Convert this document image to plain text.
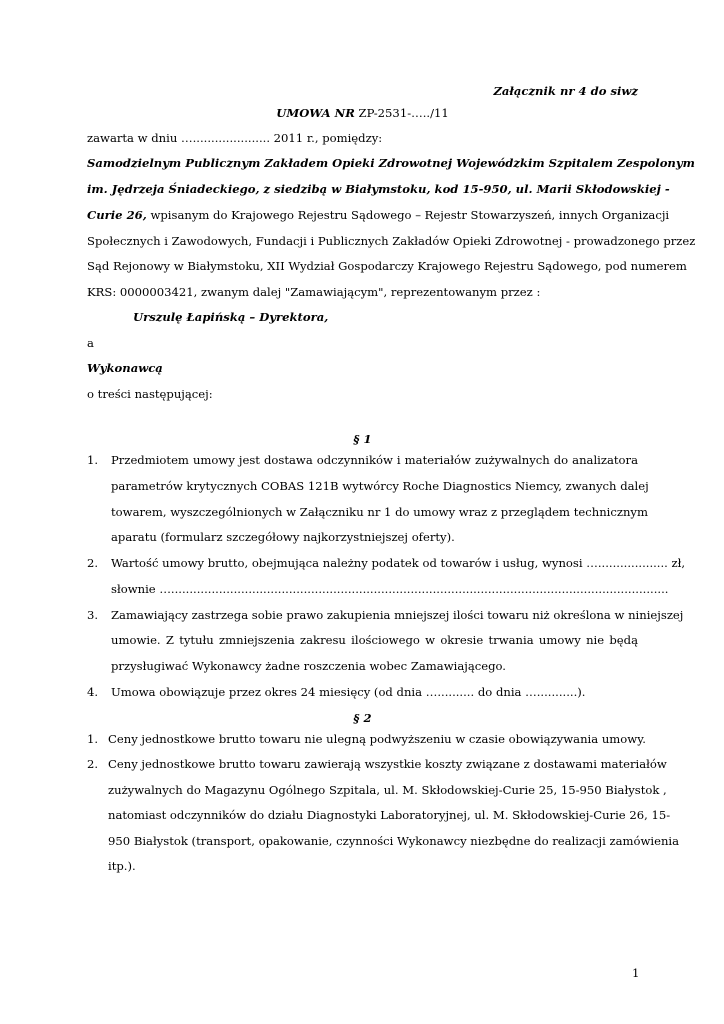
Załącznik nr 4 do siwz
UMOWA NR ZP-2531-…../11
zawarta w dniu …..................... 2011 r., pomiędzy:
Samodzielnym Publicznym Zakładem Opieki Zdrowotnej Wojewódzkim Szpitalem Zespolonym
im. Jędrzeja Śniadeckiego, z siedzibą w Białymstoku, kod 15-950, ul. Marii Skłodowskiej -
Curie 26, wpisanym do Krajowego Rejestru Sądowego – Rejestr Stowarzyszeń, innych Organizacji
Społecznych i Zawodowych, Fundacji i Publicznych Zakładów Opieki Zdrowotnej - prowadzonego przez
Sąd Rejonowy w Białymstoku, XII Wydział Gospodarczy Krajowego Rejestru Sądowego, pod numerem
KRS: 0000003421, zwanym dalej "Zamawiającym", reprezentowanym przez :
Urszulę Łapińską – Dyrektora,
a
Wykonawcą
o treści następującej:
§ 1
1. Przedmiotem umowy jest dostawa odczynników i materiałów zużywalnych do analizatora
parametrów krytycznych COBAS 121B wytwórcy Roche Diagnostics Niemcy, zwanych dalej
towarem, wyszczególnionych w Załączniku nr 1 do umowy wraz z przeglądem technicznym
aparatu (formularz szczegółowy najkorzystniejszej oferty).
2. Wartość umowy brutto, obejmująca należny podatek od towarów i usług, wynosi …................... zł,
słownie ….......................................................................................................................................
3. Zamawiający zastrzega sobie prawo zakupienia mniejszej ilości towaru niż określona w niniejszej
umowie. Z tytułu zmniejszenia zakresu ilościowego w okresie trwania umowy nie będą
przysługiwać Wykonawcy żadne roszczenia wobec Zamawiającego.
4. Umowa obowiązuje przez okres 24 miesięcy (od dnia ….......... do dnia …...........).
§ 2
1. Ceny jednostkowe brutto towaru nie ulegną podwyższeniu w czasie obowiązywania umowy.
2. Ceny jednostkowe brutto towaru zawierają wszystkie koszty związane z dostawami materiałów
zużywalnych do Magazynu Ogólnego Szpitala, ul. M. Skłodowskiej-Curie 25, 15-950 Białystok ,
natomiast odczynników do działu Diagnostyki Laboratoryjnej, ul. M. Skłodowskiej-Curie 26, 15-
950 Białystok (transport, opakowanie, czynności Wykonawcy niezbędne do realizacji zamówienia
itp.).
1
